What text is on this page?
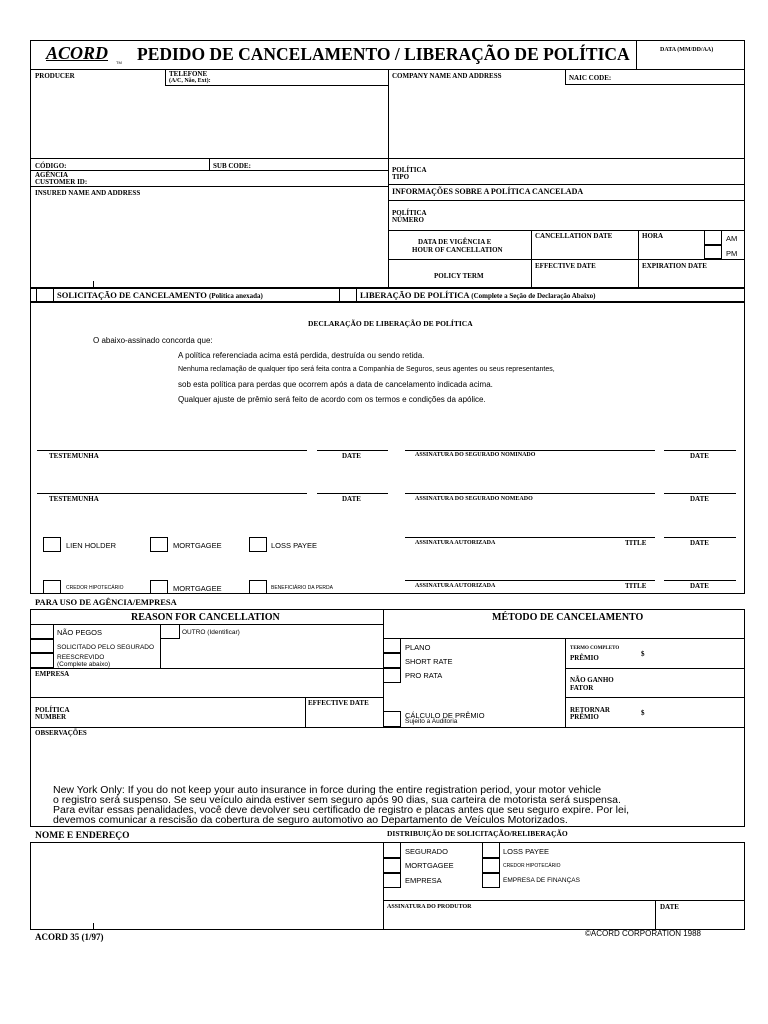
ACORD TM PEDIDO DE CANCELAMENTO / LIBERAÇÃO DE POLÍTICA	DATA (MM/DD/AA)
PRODUCER	TELEFONE
(A/C, Não, Ext):
COMPANY NAME AND ADDRESS	NAIC CODE:
CÓDIGO:	SUB CODE:
AGÊNCIA
CUSTOMER ID:
INSURED NAME AND ADDRESS
POLÍTICA
TIPO
INFORMAÇÕES SOBRE A POLÍTICA CANCELADA
POLÍTICA
NÚMERO
DATA DE VIGÊNCIA E
HOUR OF CANCELLATION
CANCELLATION DATE	HORA	AM
PM
POLICY TERM
EFFECTIVE DATE	EXPIRATION DATE
SOLICITAÇÃO DE CANCELAMENTO (Política anexada)	LIBERAÇÃO DE POLÍTICA (Complete a Seção de Declaração Abaixo)
DECLARAÇÃO DE LIBERAÇÃO DE POLÍTICA
O abaixo-assinado concorda que:
A política referenciada acima está perdida, destruída ou sendo retida.
Nenhuma reclamação de qualquer tipo será feita contra a Companhia de Seguros, seus agentes ou seus representantes,
sob esta política para perdas que ocorrem após a data de cancelamento indicada acima.
Qualquer ajuste de prêmio será feito de acordo com os termos e condições da apólice.
TESTEMUNHA	DATE	ASSINATURA DO SEGURADO NOMINADO	DATE
TESTEMUNHA	DATE	ASSINATURA DO SEGURADO NOMEADO	DATE
LIEN HOLDER	MORTGAGEE	LOSS PAYEE	ASSINATURA AUTORIZADA	TITLE	DATE
CREDOR HIPOTECÁRIO	MORTGAGEE	BENEFICIÁRIO DA PERDA	ASSINATURA AUTORIZADA	TITLE	DATE
PARA USO DE AGÊNCIA/EMPRESA
REASON FOR CANCELLATION
NÃO PEGOS	OUTRO (Identificar)
SOLICITADO PELO SEGURADO
REESCREVIDO
(Complete abaixo)
EMPRESA
POLÍTICA
NUMBER
EFFECTIVE DATE
MÉTODO DE CANCELAMENTO
PLANO
SHORT RATE
PRO RATA
CÁLCULO DE PRÊMIO
Sujeito a Auditoria
TERMO COMPLETO
PRÊMIO	$
NÃO GANHO
FATOR
RETORNAR
PRÊMIO	$
OBSERVAÇÕES
New York Only: If you do not keep your auto insurance in force during the entire registration period, your motor vehicle
o registro será suspenso. Se seu veículo ainda estiver sem seguro após 90 dias, sua carteira de motorista será suspensa.
Para evitar essas penalidades, você deve devolver seu certificado de registro e placas antes que seu seguro expire. Por lei,
devemos comunicar a rescisão da cobertura de seguro automotivo ao Departamento de Veículos Motorizados.
NOME E ENDEREÇO	DISTRIBUIÇÃO DE SOLICITAÇÃO/RELIBERAÇÃO
SEGURADO
MORTGAGEE
EMPRESA
LOSS PAYEE
CREDOR HIPOTECÁRIO
EMPRESA DE FINANÇAS
ASSINATURA DO PRODUTOR	DATE
ACORD 35 (1/97)	©ACORD CORPORATION 1988
